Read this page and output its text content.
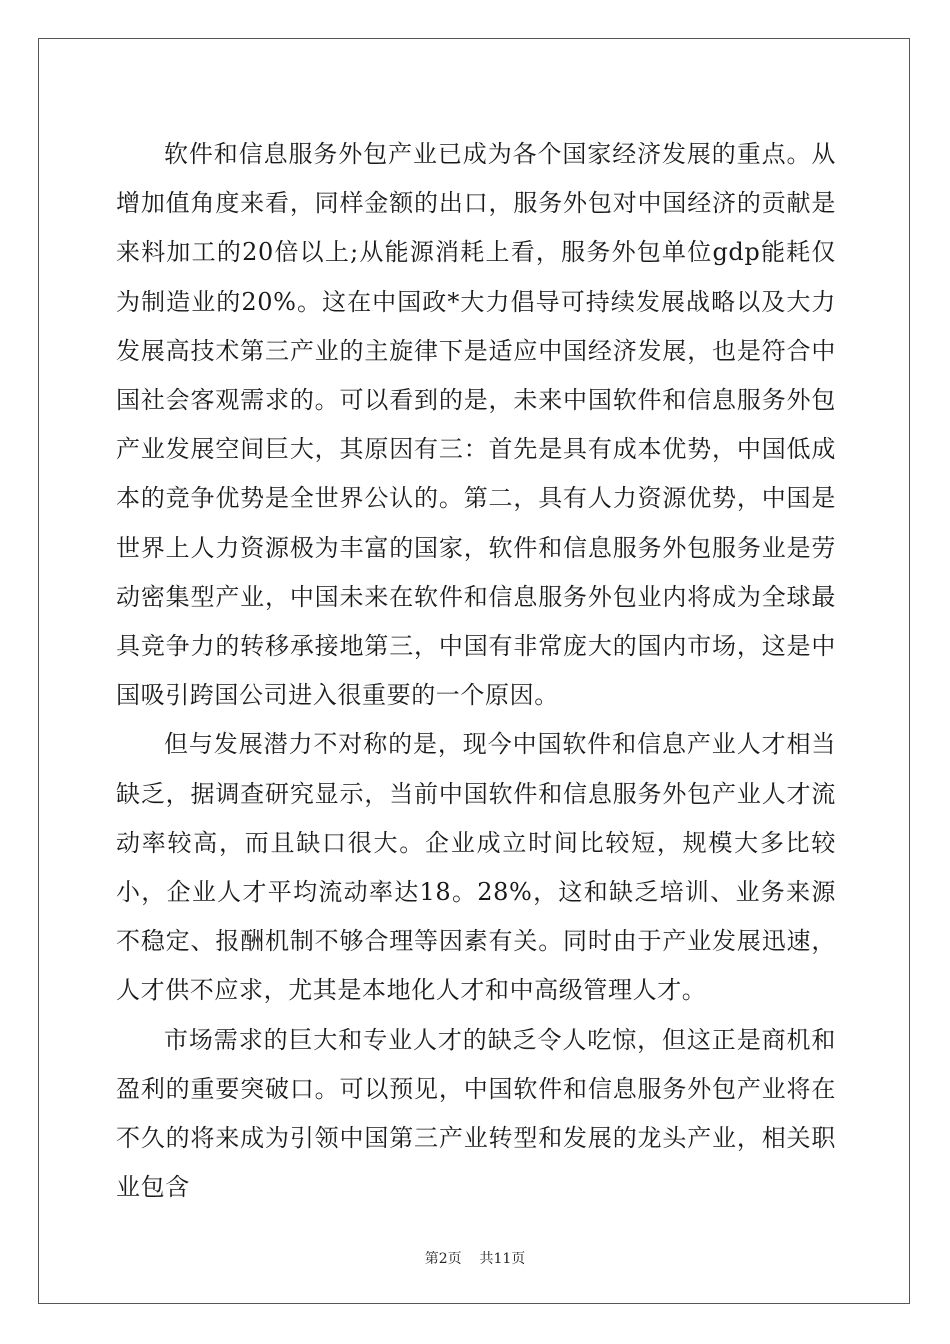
软件和信息服务外包产业已成为各个国家经济发展的重点。从增加值角度来看，同样金额的出口，服务外包对中国经济的贡献是来料加工的20倍以上;从能源消耗上看，服务外包单位gdp能耗仅为制造业的20%。这在中国政*大力倡导可持续发展战略以及大力发展高技术第三产业的主旋律下是适应中国经济发展，也是符合中国社会客观需求的。可以看到的是，未来中国软件和信息服务外包产业发展空间巨大，其原因有三：首先是具有成本优势，中国低成本的竞争优势是全世界公认的。第二，具有人力资源优势，中国是世界上人力资源极为丰富的国家，软件和信息服务外包服务业是劳动密集型产业，中国未来在软件和信息服务外包业内将成为全球最具竞争力的转移承接地第三，中国有非常庞大的国内市场，这是中国吸引跨国公司进入很重要的一个原因。

但与发展潜力不对称的是，现今中国软件和信息产业人才相当缺乏，据调查研究显示，当前中国软件和信息服务外包产业人才流动率较高，而且缺口很大。企业成立时间比较短，规模大多比较小，企业人才平均流动率达18。28%，这和缺乏培训、业务来源不稳定、报酬机制不够合理等因素有关。同时由于产业发展迅速，人才供不应求，尤其是本地化人才和中高级管理人才。

市场需求的巨大和专业人才的缺乏令人吃惊，但这正是商机和盈利的重要突破口。可以预见，中国软件和信息服务外包产业将在不久的将来成为引领中国第三产业转型和发展的龙头产业，相关职业包含

第2页    共11页
